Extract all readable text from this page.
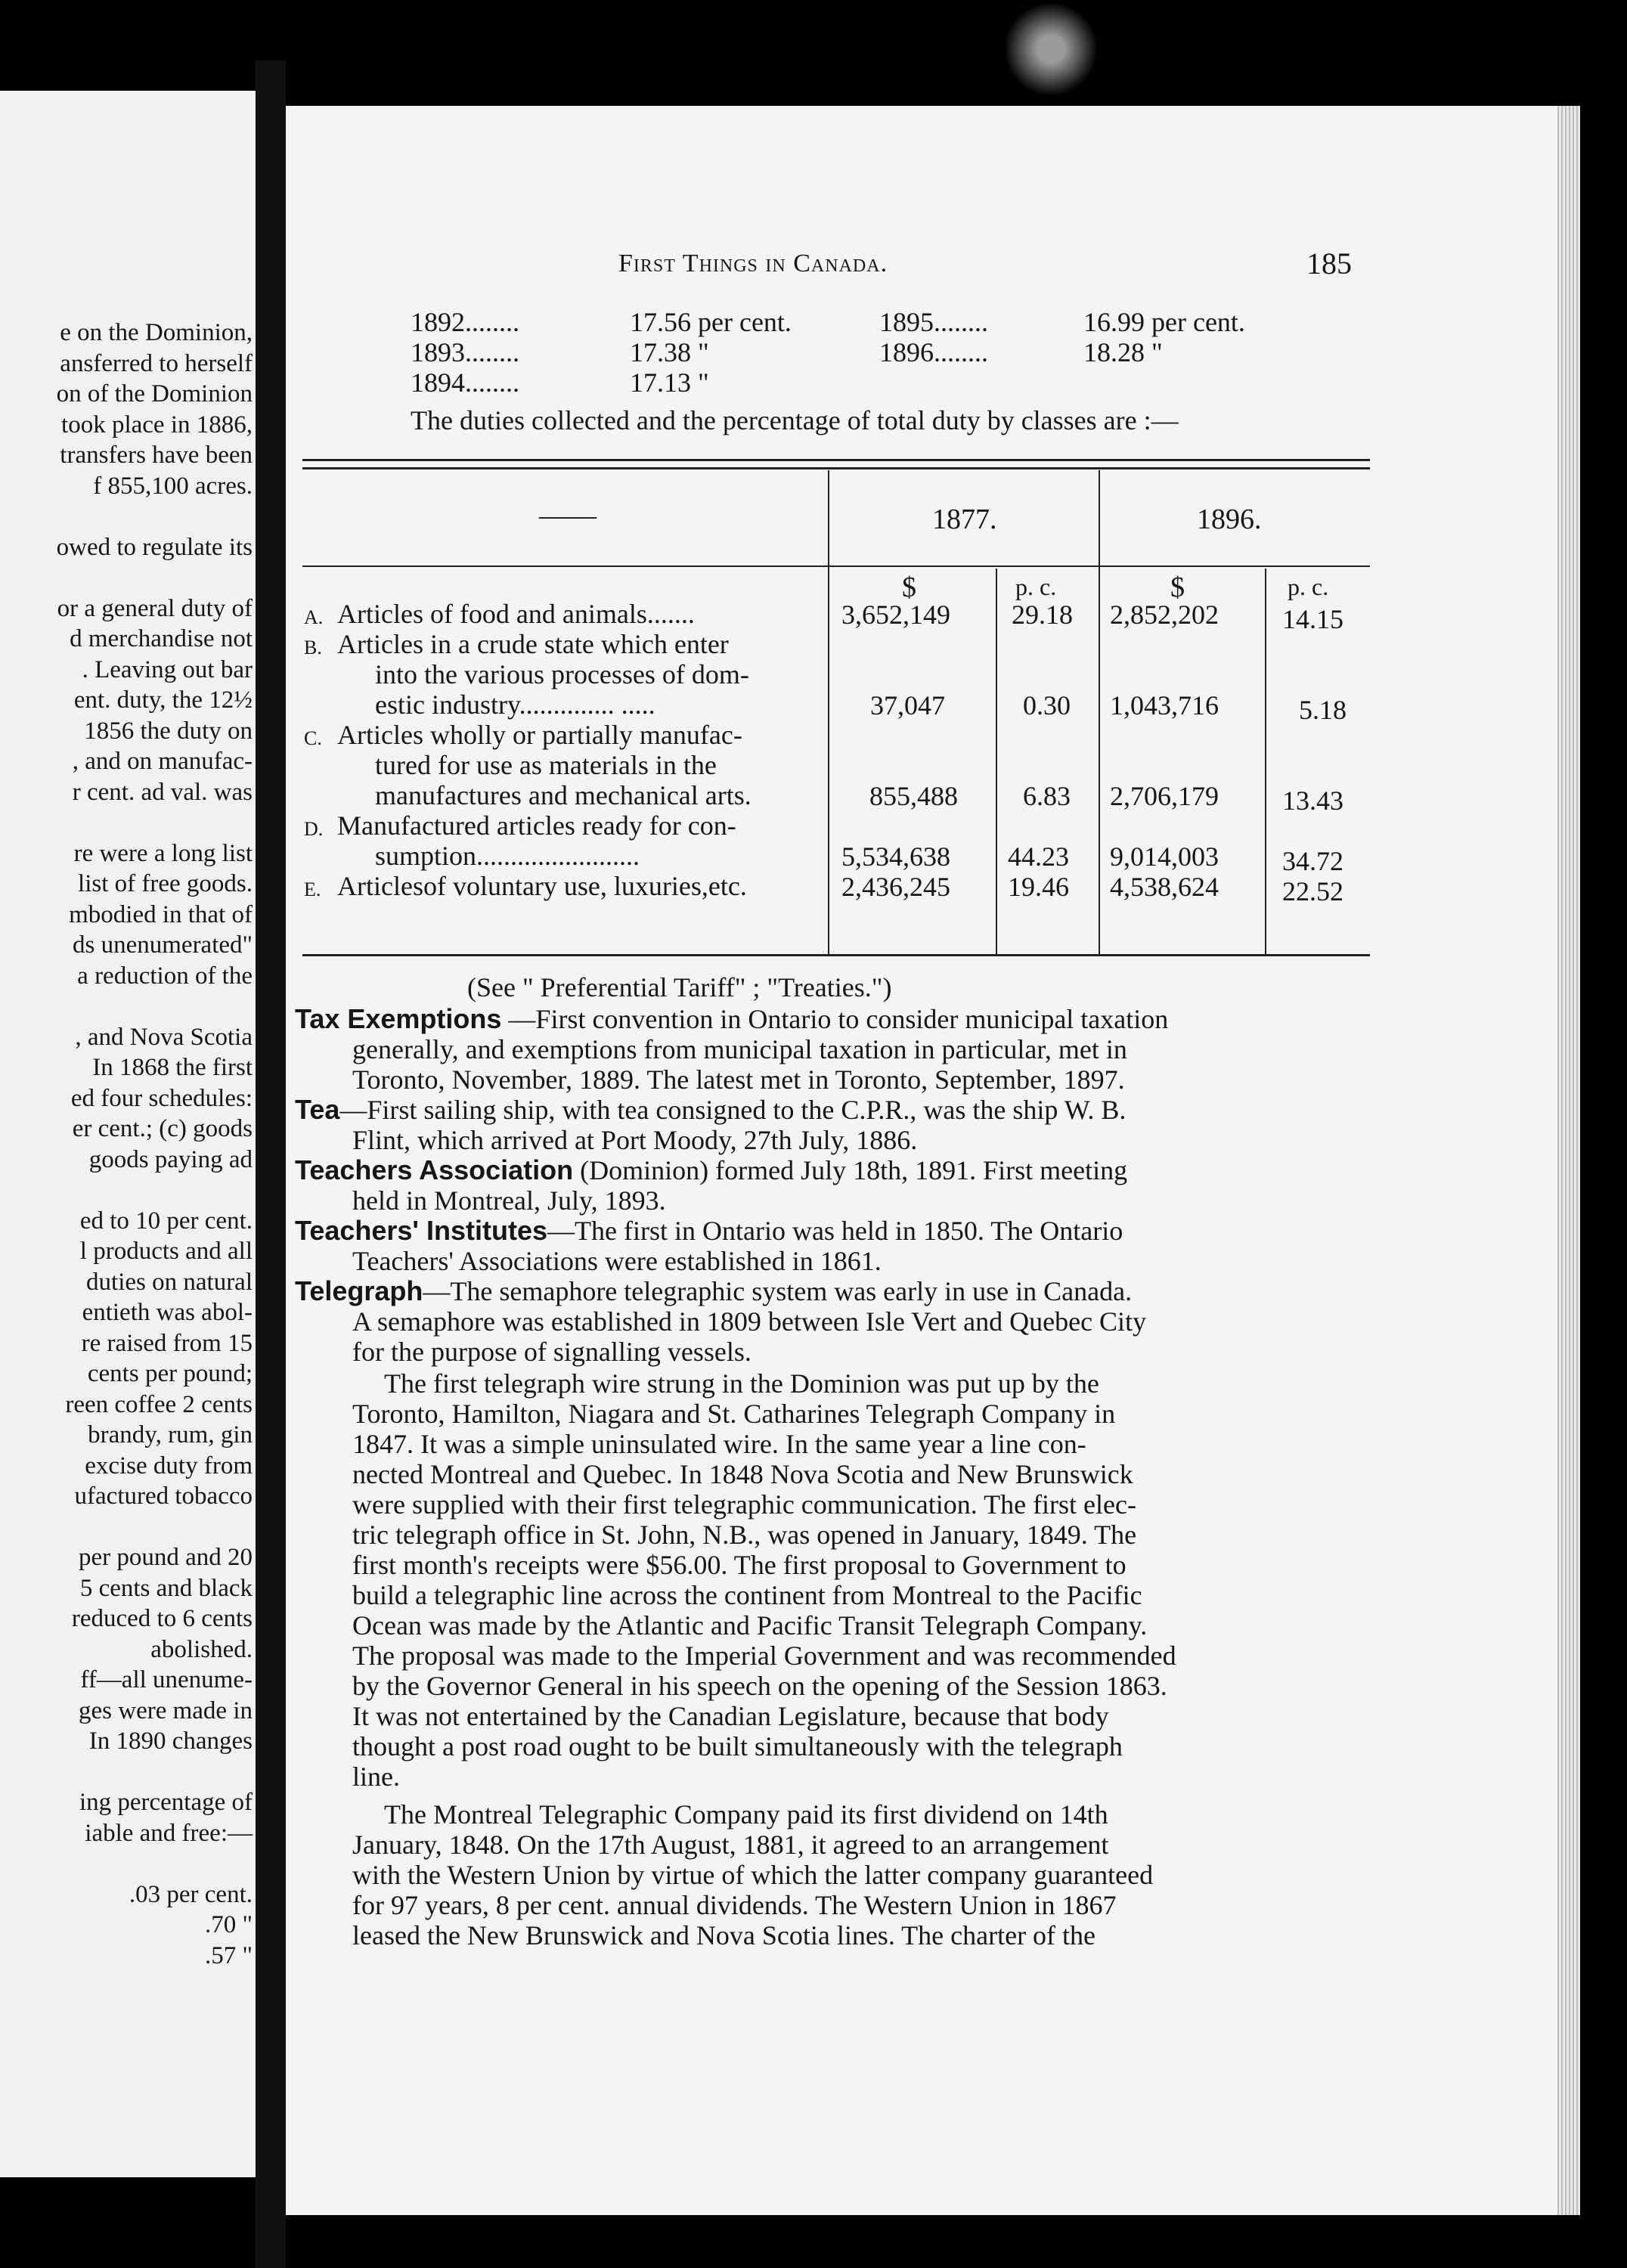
e on the Dominion,
ansferred to herself
on of the Dominion
took place in 1886,
transfers have been
f 855,100 acres.
owed to regulate its
or a general duty of
d merchandise not
. Leaving out bar
ent. duty, the 12½
1856 the duty on
, and on manufac-
r cent. ad val. was
re were a long list
list of free goods.
mbodied in that of
ds unenumerated"
a reduction of the
, and Nova Scotia
In 1868 the first
ed four schedules:
er cent.; (c) goods
goods paying ad
ed to 10 per cent.
l products and all
duties on natural
entieth was abol-
re raised from 15
cents per pound;
reen coffee 2 cents
brandy, rum, gin
excise duty from
ufactured tobacco
per pound and 20
5 cents and black
reduced to 6 cents
abolished.
ff—all unenume-
ges were made in
In 1890 changes
ing percentage of
iable and free:—
.03 per cent.
.70 "
.57 "
First Things in Canada.	185
1892........	17.56 per cent.
1893........	17.38 "
1894........	17.13 "
1895........	16.99 per cent.
1896........	18.28 "
The duties collected and the percentage of total duty by classes are :—
——	1877.	1896.
$	p. c.	$	p. c.
A. Articles of food and animals.......	3,652,149 29.18 2,852,202 14.15
B. Articles in a crude state which enter
into the various processes of dom-
estic industry.............. .....	37,047	0.30 1,043,716	5.18
C. Articles wholly or partially manufac-
tured for use as materials in the
manufactures and mechanical arts.	855,488 6.83 2,706,179 13.43
D. Manufactured articles ready for con-
sumption........................	5,534,638 44.23 9,014,003 34.72
E. Articlesof voluntary use, luxuries,etc.	2,436,245 19.46 4,538,624 22.52
(See " Preferential Tariff" ; "Treaties.")
Tax Exemptions —First convention in Ontario to consider municipal taxation
generally, and exemptions from municipal taxation in particular, met in
Toronto, November, 1889. The latest met in Toronto, September, 1897.
Tea—First sailing ship, with tea consigned to the C.P.R., was the ship W. B.
Flint, which arrived at Port Moody, 27th July, 1886.
Teachers Association (Dominion) formed July 18th, 1891. First meeting
held in Montreal, July, 1893.
Teachers' Institutes—The first in Ontario was held in 1850. The Ontario
Teachers' Associations were established in 1861.
Telegraph—The semaphore telegraphic system was early in use in Canada.
A semaphore was established in 1809 between Isle Vert and Quebec City
for the purpose of signalling vessels.
The first telegraph wire strung in the Dominion was put up by the
Toronto, Hamilton, Niagara and St. Catharines Telegraph Company in
1847. It was a simple uninsulated wire. In the same year a line con-
nected Montreal and Quebec. In 1848 Nova Scotia and New Brunswick
were supplied with their first telegraphic communication. The first elec-
tric telegraph office in St. John, N.B., was opened in January, 1849. The
first month's receipts were $56.00. The first proposal to Government to
build a telegraphic line across the continent from Montreal to the Pacific
Ocean was made by the Atlantic and Pacific Transit Telegraph Company.
The proposal was made to the Imperial Government and was recommended
by the Governor General in his speech on the opening of the Session 1863.
It was not entertained by the Canadian Legislature, because that body
thought a post road ought to be built simultaneously with the telegraph
line.
The Montreal Telegraphic Company paid its first dividend on 14th
January, 1848. On the 17th August, 1881, it agreed to an arrangement
with the Western Union by virtue of which the latter company guaranteed
for 97 years, 8 per cent. annual dividends. The Western Union in 1867
leased the New Brunswick and Nova Scotia lines. The charter of the
